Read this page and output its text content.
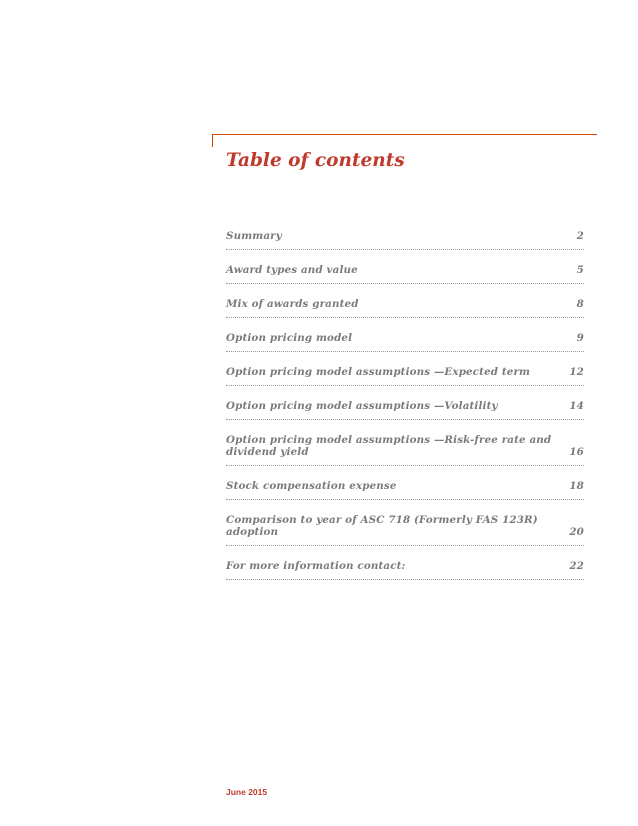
Table of contents
Summary	2
Award types and value	5
Mix of awards granted	8
Option pricing model	9
Option pricing model assumptions —Expected term	12
Option pricing model assumptions —Volatility	14
Option pricing model assumptions —Risk-free rate and dividend yield	16
Stock compensation expense	18
Comparison to year of ASC 718 (Formerly FAS 123R) adoption	20
For more information contact:	22

June 2015
